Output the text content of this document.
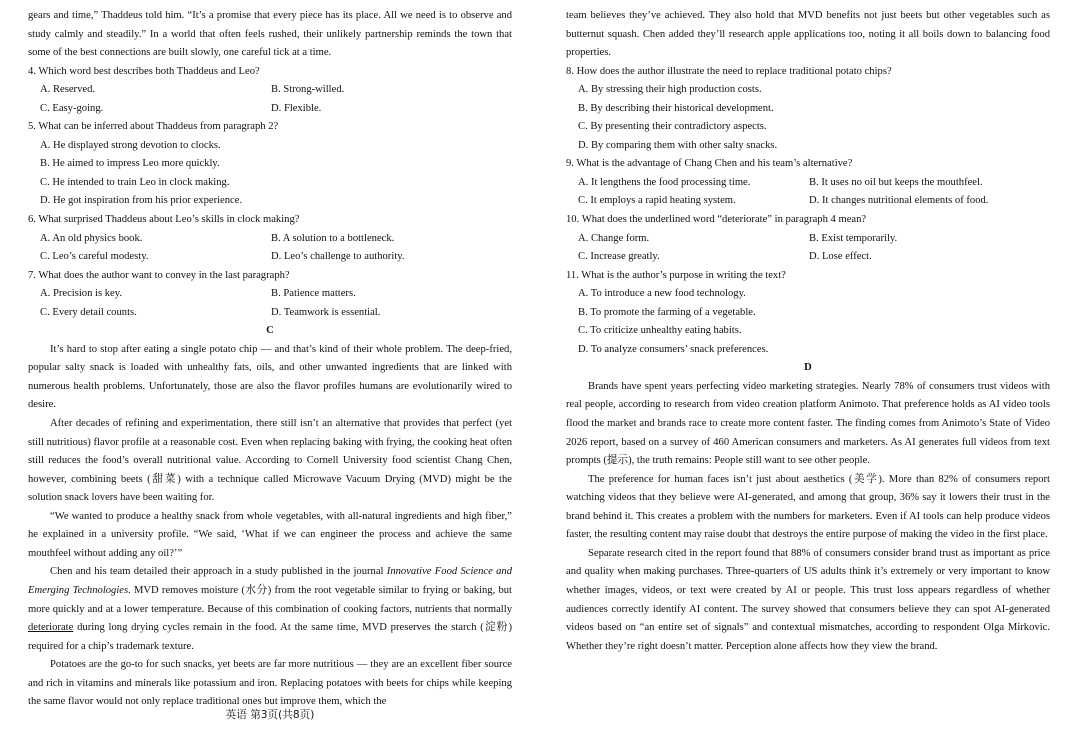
gears and time,” Thaddeus told him. “It’s a promise that every piece has its place. All we need is to observe and study calmly and steadily.” In a world that often feels rushed, their unlikely partnership reminds the town that some of the best connections are built slowly, one careful tick at a time.

4. Which word best describes both Thaddeus and Leo?
A. Reserved.	B. Strong-willed.
C. Easy-going.	D. Flexible.
5. What can be inferred about Thaddeus from paragraph 2?
A. He displayed strong devotion to clocks.
B. He aimed to impress Leo more quickly.
C. He intended to train Leo in clock making.
D. He got inspiration from his prior experience.
6. What surprised Thaddeus about Leo’s skills in clock making?
A. An old physics book.	B. A solution to a bottleneck.
C. Leo’s careful modesty.	D. Leo’s challenge to authority.
7. What does the author want to convey in the last paragraph?
A. Precision is key.	B. Patience matters.
C. Every detail counts.	D. Teamwork is essential.
C

It’s hard to stop after eating a single potato chip — and that’s kind of their whole problem. The deep-fried, popular salty snack is loaded with unhealthy fats, oils, and other unwanted ingredients that are linked with numerous health problems. Unfortunately, those are also the flavor profiles humans are evolutionarily wired to desire.

After decades of refining and experimentation, there still isn’t an alternative that provides that perfect (yet still nutritious) flavor profile at a reasonable cost. Even when replacing baking with frying, the cooking heat often still reduces the food’s overall nutritional value. According to Cornell University food scientist Chang Chen, however, combining beets (甜菜) with a technique called Microwave Vacuum Drying (MVD) might be the solution snack lovers have been waiting for.

“We wanted to produce a healthy snack from whole vegetables, with all-natural ingredients and high fiber,” he explained in a university profile. “We said, ‘What if we can engineer the process and achieve the same mouthfeel without adding any oil?’”

Chen and his team detailed their approach in a study published in the journal Innovative Food Science and Emerging Technologies. MVD removes moisture (水分) from the root vegetable similar to frying or baking, but more quickly and at a lower temperature. Because of this combination of cooking factors, nutrients that normally deteriorate during long drying cycles remain in the food. At the same time, MVD preserves the starch (淀粉) required for a chip’s trademark texture.

Potatoes are the go-to for such snacks, yet beets are far more nutritious — they are an excellent fiber source and rich in vitamins and minerals like potassium and iron. Replacing potatoes with beets for chips while keeping the same flavor would not only replace traditional ones but improve them, which the

team believes they’ve achieved. They also hold that MVD benefits not just beets but other vegetables such as butternut squash. Chen added they’ll research apple applications too, noting it all boils down to balancing food properties.

8. How does the author illustrate the need to replace traditional potato chips?
A. By stressing their high production costs.
B. By describing their historical development.
C. By presenting their contradictory aspects.
D. By comparing them with other salty snacks.
9. What is the advantage of Chang Chen and his team’s alternative?
A. It lengthens the food processing time.	B. It uses no oil but keeps the mouthfeel.
C. It employs a rapid heating system.	D. It changes nutritional elements of food.
10. What does the underlined word “deteriorate” in paragraph 4 mean?
A. Change form.	B. Exist temporarily.
C. Increase greatly.	D. Lose effect.
11. What is the author’s purpose in writing the text?
A. To introduce a new food technology.
B. To promote the farming of a vegetable.
C. To criticize unhealthy eating habits.
D. To analyze consumers’ snack preferences.
D

Brands have spent years perfecting video marketing strategies. Nearly 78% of consumers trust videos with real people, according to research from video creation platform Animoto. That preference holds as AI video tools flood the market and brands race to create more content faster. The finding comes from Animoto’s State of Video 2026 report, based on a survey of 460 American consumers and marketers. As AI generates full videos from text prompts (提示), the truth remains: People still want to see other people.

The preference for human faces isn’t just about aesthetics (美学). More than 82% of consumers report watching videos that they believe were AI-generated, and among that group, 36% say it lowers their trust in the brand behind it. This creates a problem with the numbers for marketers. Even if AI tools can help produce videos faster, the resulting content may raise doubt that destroys the entire purpose of making the video in the first place.

Separate research cited in the report found that 88% of consumers consider brand trust as important as price and quality when making purchases. Three-quarters of US adults think it’s extremely or very important to know whether images, videos, or text were created by AI or people. This trust loss appears regardless of whether audiences correctly identify AI content. The survey showed that consumers believe they can spot AI-generated videos based on “an entire set of signals” and contextual mismatches, according to respondent Olga Mirkovic. Whether they’re right doesn’t matter. Perception alone affects how they view the brand.

英语 第3页(共8页)
